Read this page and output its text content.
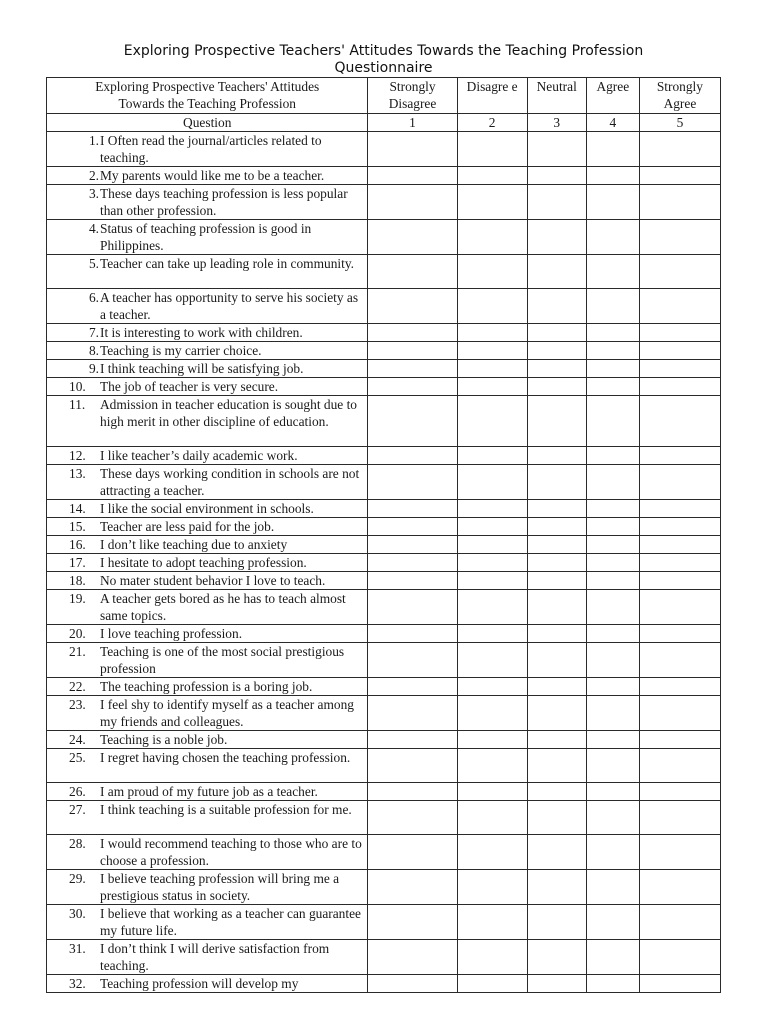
Exploring Prospective Teachers' Attitudes Towards the Teaching Profession
Questionnaire
Exploring Prospective Teachers' Attitudes Towards the Teaching Profession	Strongly Disagree	Disagre e	Neutral	Agree	Strongly Agree
Question	1	2	3	4	5

1. I Often read the journal/articles related to teaching.					

2. My parents would like me to be a teacher.					

3. These days teaching profession is less popular than other profession.					

4. Status of teaching profession is good in Philippines.					

5. Teacher can take up leading role in community.					

6. A teacher has opportunity to serve his society as a teacher.					

7. It is interesting to work with children.					

8. Teaching is my carrier choice.					

9. I think teaching will be satisfying job.					

10. The job of teacher is very secure.					

11. Admission in teacher education is sought due to high merit in other discipline of education.					

12. I like teacher’s daily academic work.					

13. These days working condition in schools are not attracting a teacher.					

14. I like the social environment in schools.					

15. Teacher are less paid for the job.					

16. I don’t like teaching due to anxiety					

17. I hesitate to adopt teaching profession.					

18. No mater student behavior I love to teach.					

19. A teacher gets bored as he has to teach almost same topics.					

20. I love teaching profession.					

21. Teaching is one of the most social prestigious profession					

22. The teaching profession is a boring job.					

23. I feel shy to identify myself as a teacher among my friends and colleagues.					

24. Teaching is a noble job.					

25. I regret having chosen the teaching profession.					

26. I am proud of my future job as a teacher.					

27. I think teaching is a suitable profession for me.					

28. I would recommend teaching to those who are to choose a profession.					

29. I believe teaching profession will bring me a prestigious status in society.					

30. I believe that working as a teacher can guarantee my future life.					

31. I don’t think I will derive satisfaction from teaching.					

32. Teaching profession will develop my					
